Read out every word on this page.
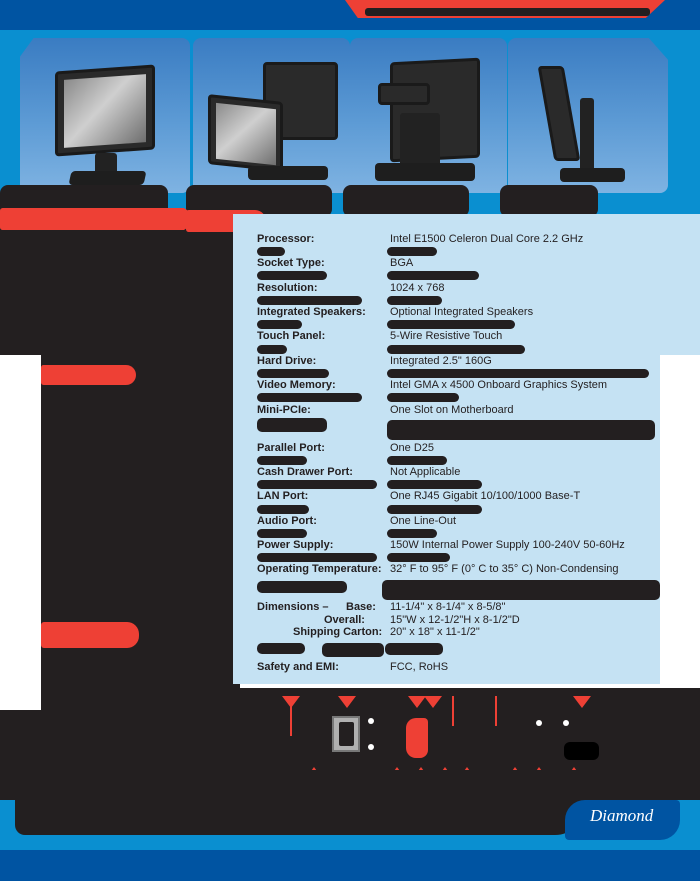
Processor:	Intel E1500 Celeron Dual Core 2.2 GHz
Socket Type:	BGA
Resolution:	1024 x 768
Integrated Speakers: Optional Integrated Speakers
Touch Panel:	5-Wire Resistive Touch
Hard Drive:	Integrated 2.5" 160G
Video Memory:	Intel GMA x 4500 Onboard Graphics System
Mini-PCIe:	One Slot on Motherboard
Parallel Port:	One D25
Cash Drawer Port:	Not Applicable
LAN Port:	One RJ45 Gigabit 10/100/1000 Base-T
Audio Port:	One Line-Out
Power Supply:	150W Internal Power Supply 100-240V 50-60Hz
Operating Temperature: 32° F to 95° F (0° C to 35° C) Non-Condensing
Dimensions – Base: 11-1/4" x 8-1/4" x 8-5/8"
Overall: 15"W x 12-1/2"H x 8-1/2"D
Shipping Carton: 20" x 18" x 11-1/2"
Safety and EMI:	FCC, RoHS
Diamond
